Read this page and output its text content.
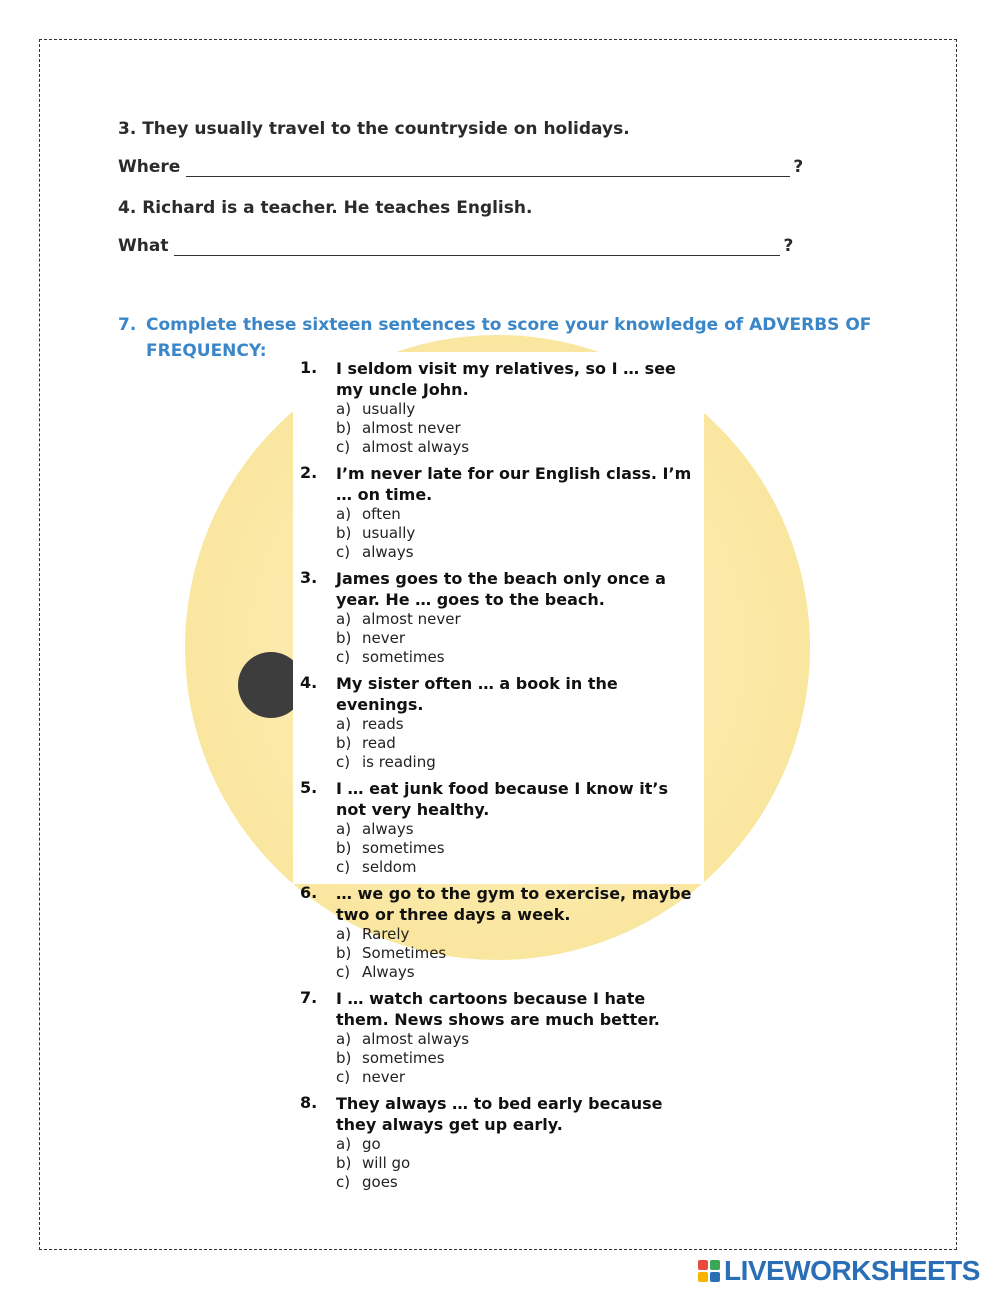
3. They usually travel to the countryside on holidays.
Where	?
4. Richard is a teacher. He teaches English.
What	?
7. Complete these sixteen sentences to score your knowledge of ADVERBS OF
FREQUENCY:
1. I seldom visit my relatives, so I … see my uncle John.
a) usually
b) almost never
c) almost always
2. I’m never late for our English class. I’m … on time.
a) often
b) usually
c) always
3. James goes to the beach only once a year. He … goes to the beach.
a) almost never
b) never
c) sometimes
4. My sister often … a book in the evenings.
a) reads
b) read
c) is reading
5. I … eat junk food because I know it’s not very healthy.
a) always
b) sometimes
c) seldom
6. … we go to the gym to exercise, maybe two or three days a week.
a) Rarely
b) Sometimes
c) Always
7. I … watch cartoons because I hate them. News shows are much better.
a) almost always
b) sometimes
c) never
8. They always … to bed early because they always get up early.
a) go
b) will go
c) goes
LIVEWORKSHEETS
